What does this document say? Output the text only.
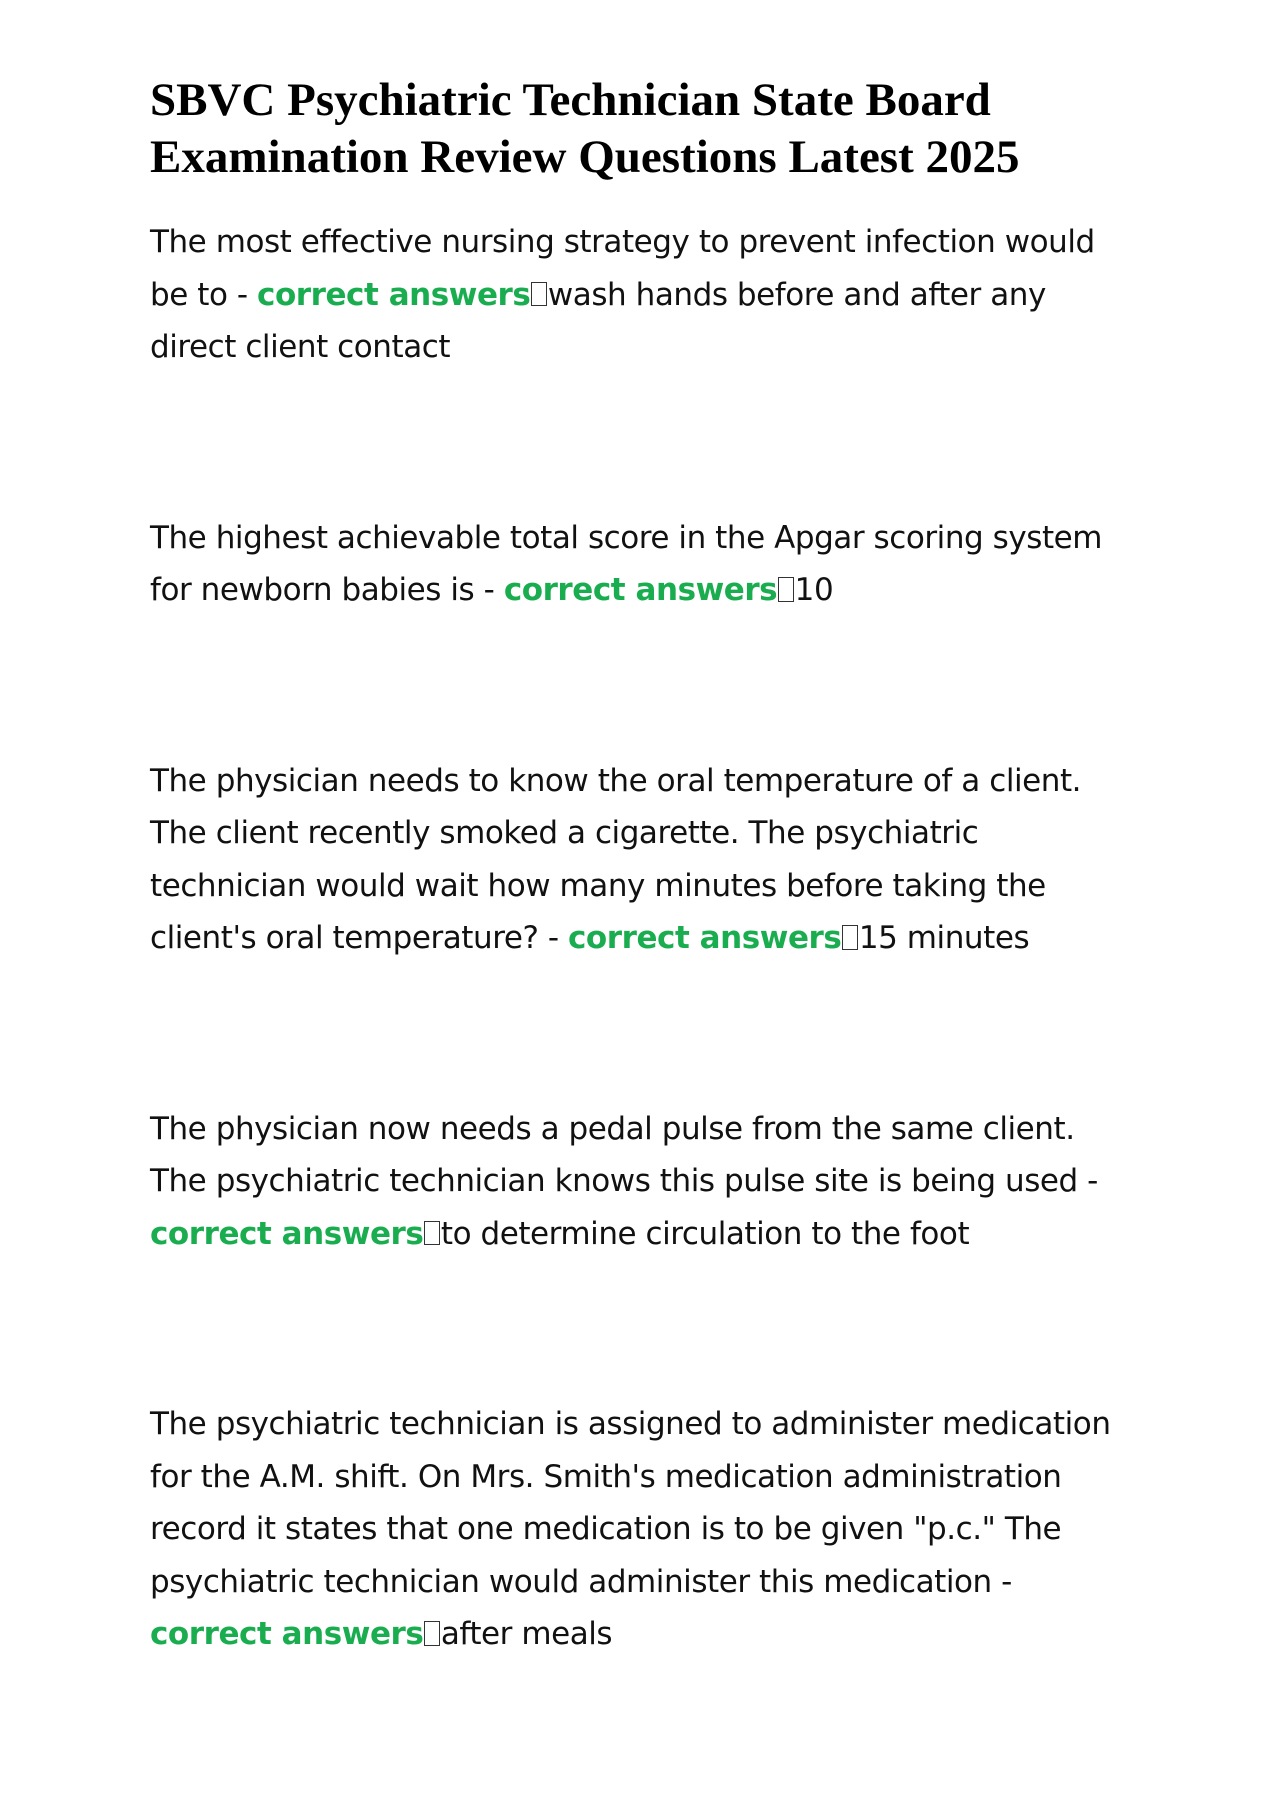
SBVC Psychiatric Technician State Board Examination Review Questions Latest 2025

The most effective nursing strategy to prevent infection would be to - correct answers wash hands before and after any direct client contact

The highest achievable total score in the Apgar scoring system for newborn babies is - correct answers 10

The physician needs to know the oral temperature of a client. The client recently smoked a cigarette. The psychiatric technician would wait how many minutes before taking the client's oral temperature? - correct answers 15 minutes

The physician now needs a pedal pulse from the same client. The psychiatric technician knows this pulse site is being used - correct answers to determine circulation to the foot

The psychiatric technician is assigned to administer medication for the A.M. shift. On Mrs. Smith's medication administration record it states that one medication is to be given "p.c." The psychiatric technician would administer this medication - correct answers after meals
